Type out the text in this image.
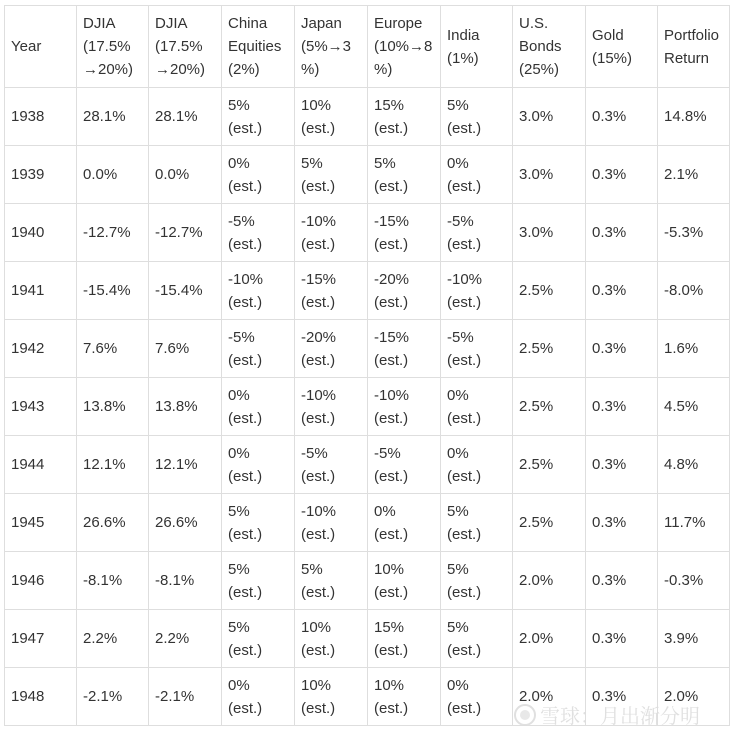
Year	DJIA
(17.5%
→20%)	DJIA
(17.5%
→20%)	China
Equities
(2%)	Japan
(5%→3
%)	Europe
(10%→8
%)	India
(1%)	U.S.
Bonds
(25%)	Gold
(15%)	Portfolio
Return

1938	28.1%	28.1%	5%
(est.)	10%
(est.)	15%
(est.)	5%
(est.)	3.0%	0.3%	14.8%
1939	0.0%	0.0%	0%
(est.)	5%
(est.)	5%
(est.)	0%
(est.)	3.0%	0.3%	2.1%
1940	-12.7%	-12.7%	-5%
(est.)	-10%
(est.)	-15%
(est.)	-5%
(est.)	3.0%	0.3%	-5.3%
1941	-15.4%	-15.4%	-10%
(est.)	-15%
(est.)	-20%
(est.)	-10%
(est.)	2.5%	0.3%	-8.0%
1942	7.6%	7.6%	-5%
(est.)	-20%
(est.)	-15%
(est.)	-5%
(est.)	2.5%	0.3%	1.6%
1943	13.8%	13.8%	0%
(est.)	-10%
(est.)	-10%
(est.)	0%
(est.)	2.5%	0.3%	4.5%
1944	12.1%	12.1%	0%
(est.)	-5%
(est.)	-5%
(est.)	0%
(est.)	2.5%	0.3%	4.8%
1945	26.6%	26.6%	5%
(est.)	-10%
(est.)	0%
(est.)	5%
(est.)	2.5%	0.3%	11.7%
1946	-8.1%	-8.1%	5%
(est.)	5%
(est.)	10%
(est.)	5%
(est.)	2.0%	0.3%	-0.3%
1947	2.2%	2.2%	5%
(est.)	10%
(est.)	15%
(est.)	5%
(est.)	2.0%	0.3%	3.9%
1948	-2.1%	-2.1%	0%
(est.)	10%
(est.)	10%
(est.)	0%
(est.)	2.0%	0.3%	2.0%
雪球：月出渐分明
